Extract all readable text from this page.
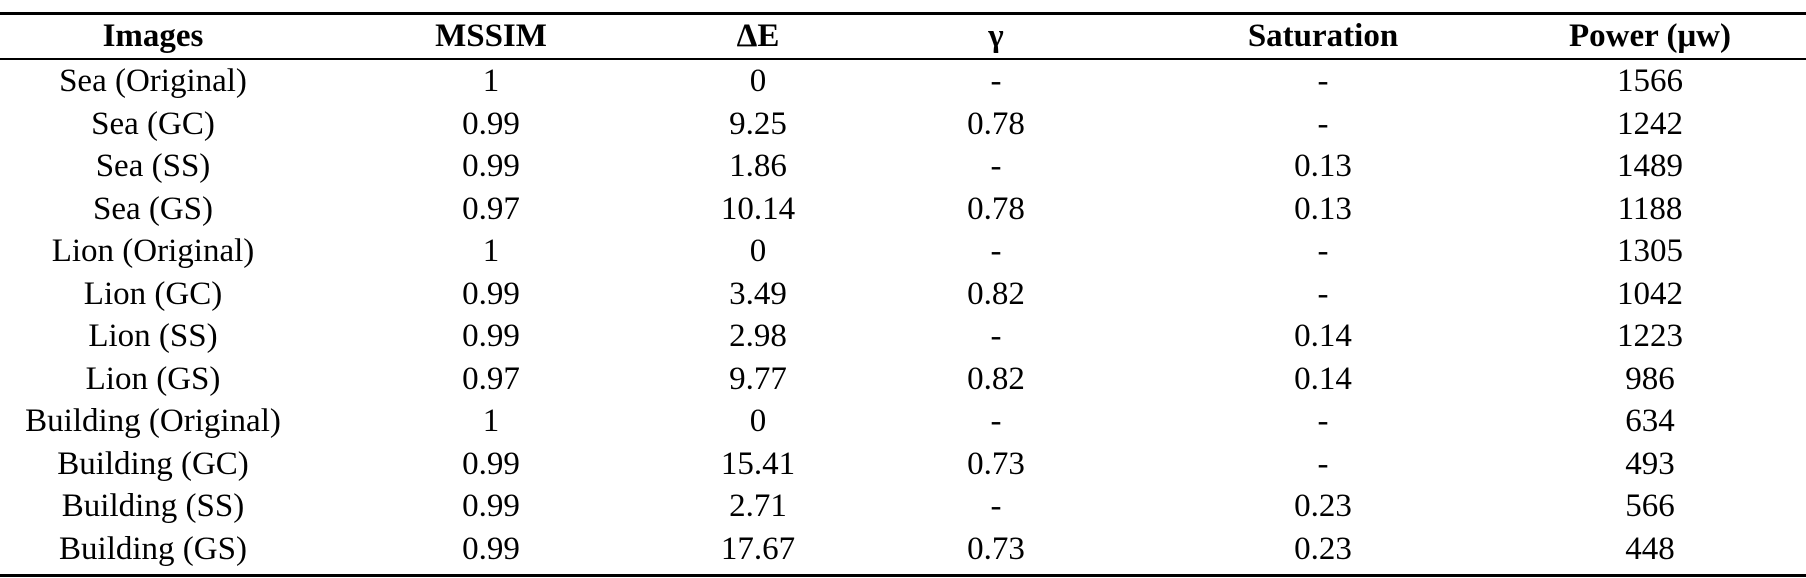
Images	MSSIM	ΔE	γ	Saturation	Power (μw)
Sea (Original)	1	0	-	-	1566
Sea (GC)	0.99	9.25	0.78	-	1242
Sea (SS)	0.99	1.86	-	0.13	1489
Sea (GS)	0.97	10.14	0.78	0.13	1188
Lion (Original)	1	0	-	-	1305
Lion (GC)	0.99	3.49	0.82	-	1042
Lion (SS)	0.99	2.98	-	0.14	1223
Lion (GS)	0.97	9.77	0.82	0.14	986
Building (Original)	1	0	-	-	634
Building (GC)	0.99	15.41	0.73	-	493
Building (SS)	0.99	2.71	-	0.23	566
Building (GS)	0.99	17.67	0.73	0.23	448
